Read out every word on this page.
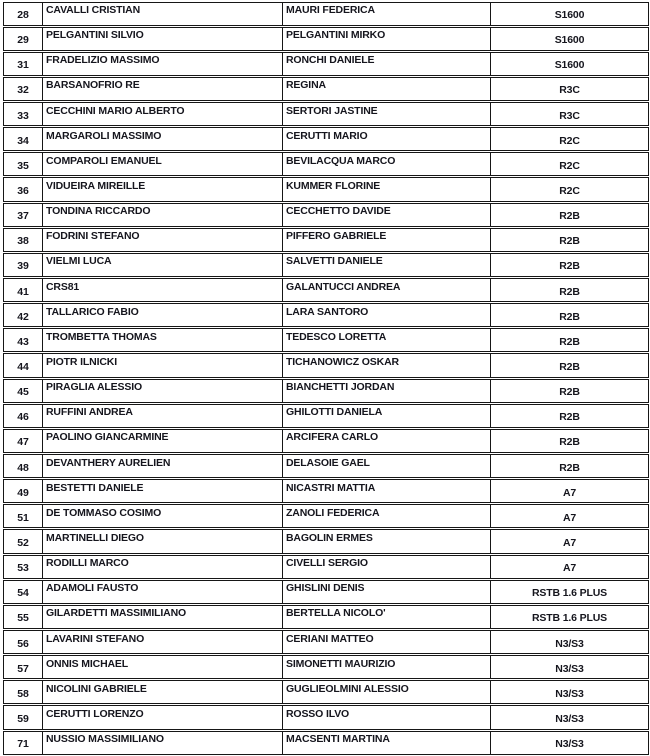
28	CAVALLI CRISTIAN	MAURI FEDERICA	S1600
29	PELGANTINI SILVIO	PELGANTINI MIRKO	S1600
31	FRADELIZIO MASSIMO	RONCHI DANIELE	S1600
32	BARSANOFRIO RE	REGINA	R3C
33	CECCHINI MARIO ALBERTO	SERTORI JASTINE	R3C
34	MARGAROLI MASSIMO	CERUTTI MARIO	R2C
35	COMPAROLI EMANUEL	BEVILACQUA MARCO	R2C
36	VIDUEIRA MIREILLE	KUMMER FLORINE	R2C
37	TONDINA RICCARDO	CECCHETTO DAVIDE	R2B
38	FODRINI STEFANO	PIFFERO GABRIELE	R2B
39	VIELMI LUCA	SALVETTI DANIELE	R2B
41	CRS81	GALANTUCCI ANDREA	R2B
42	TALLARICO FABIO	LARA SANTORO	R2B
43	TROMBETTA THOMAS	TEDESCO LORETTA	R2B
44	PIOTR ILNICKI	TICHANOWICZ OSKAR	R2B
45	PIRAGLIA ALESSIO	BIANCHETTI JORDAN	R2B
46	RUFFINI ANDREA	GHILOTTI DANIELA	R2B
47	PAOLINO GIANCARMINE	ARCIFERA CARLO	R2B
48	DEVANTHERY AURELIEN	DELASOIE GAEL	R2B
49	BESTETTI DANIELE	NICASTRI MATTIA	A7
51	DE TOMMASO COSIMO	ZANOLI FEDERICA	A7
52	MARTINELLI DIEGO	BAGOLIN ERMES	A7
53	RODILLI MARCO	CIVELLI SERGIO	A7
54	ADAMOLI FAUSTO	GHISLINI DENIS	RSTB 1.6 PLUS
55	GILARDETTI MASSIMILIANO	BERTELLA NICOLO'	RSTB 1.6 PLUS
56	LAVARINI STEFANO	CERIANI MATTEO	N3/S3
57	ONNIS MICHAEL	SIMONETTI MAURIZIO	N3/S3
58	NICOLINI GABRIELE	GUGLIEOLMINI ALESSIO	N3/S3
59	CERUTTI LORENZO	ROSSO ILVO	N3/S3
71	NUSSIO MASSIMILIANO	MACSENTI MARTINA	N3/S3
